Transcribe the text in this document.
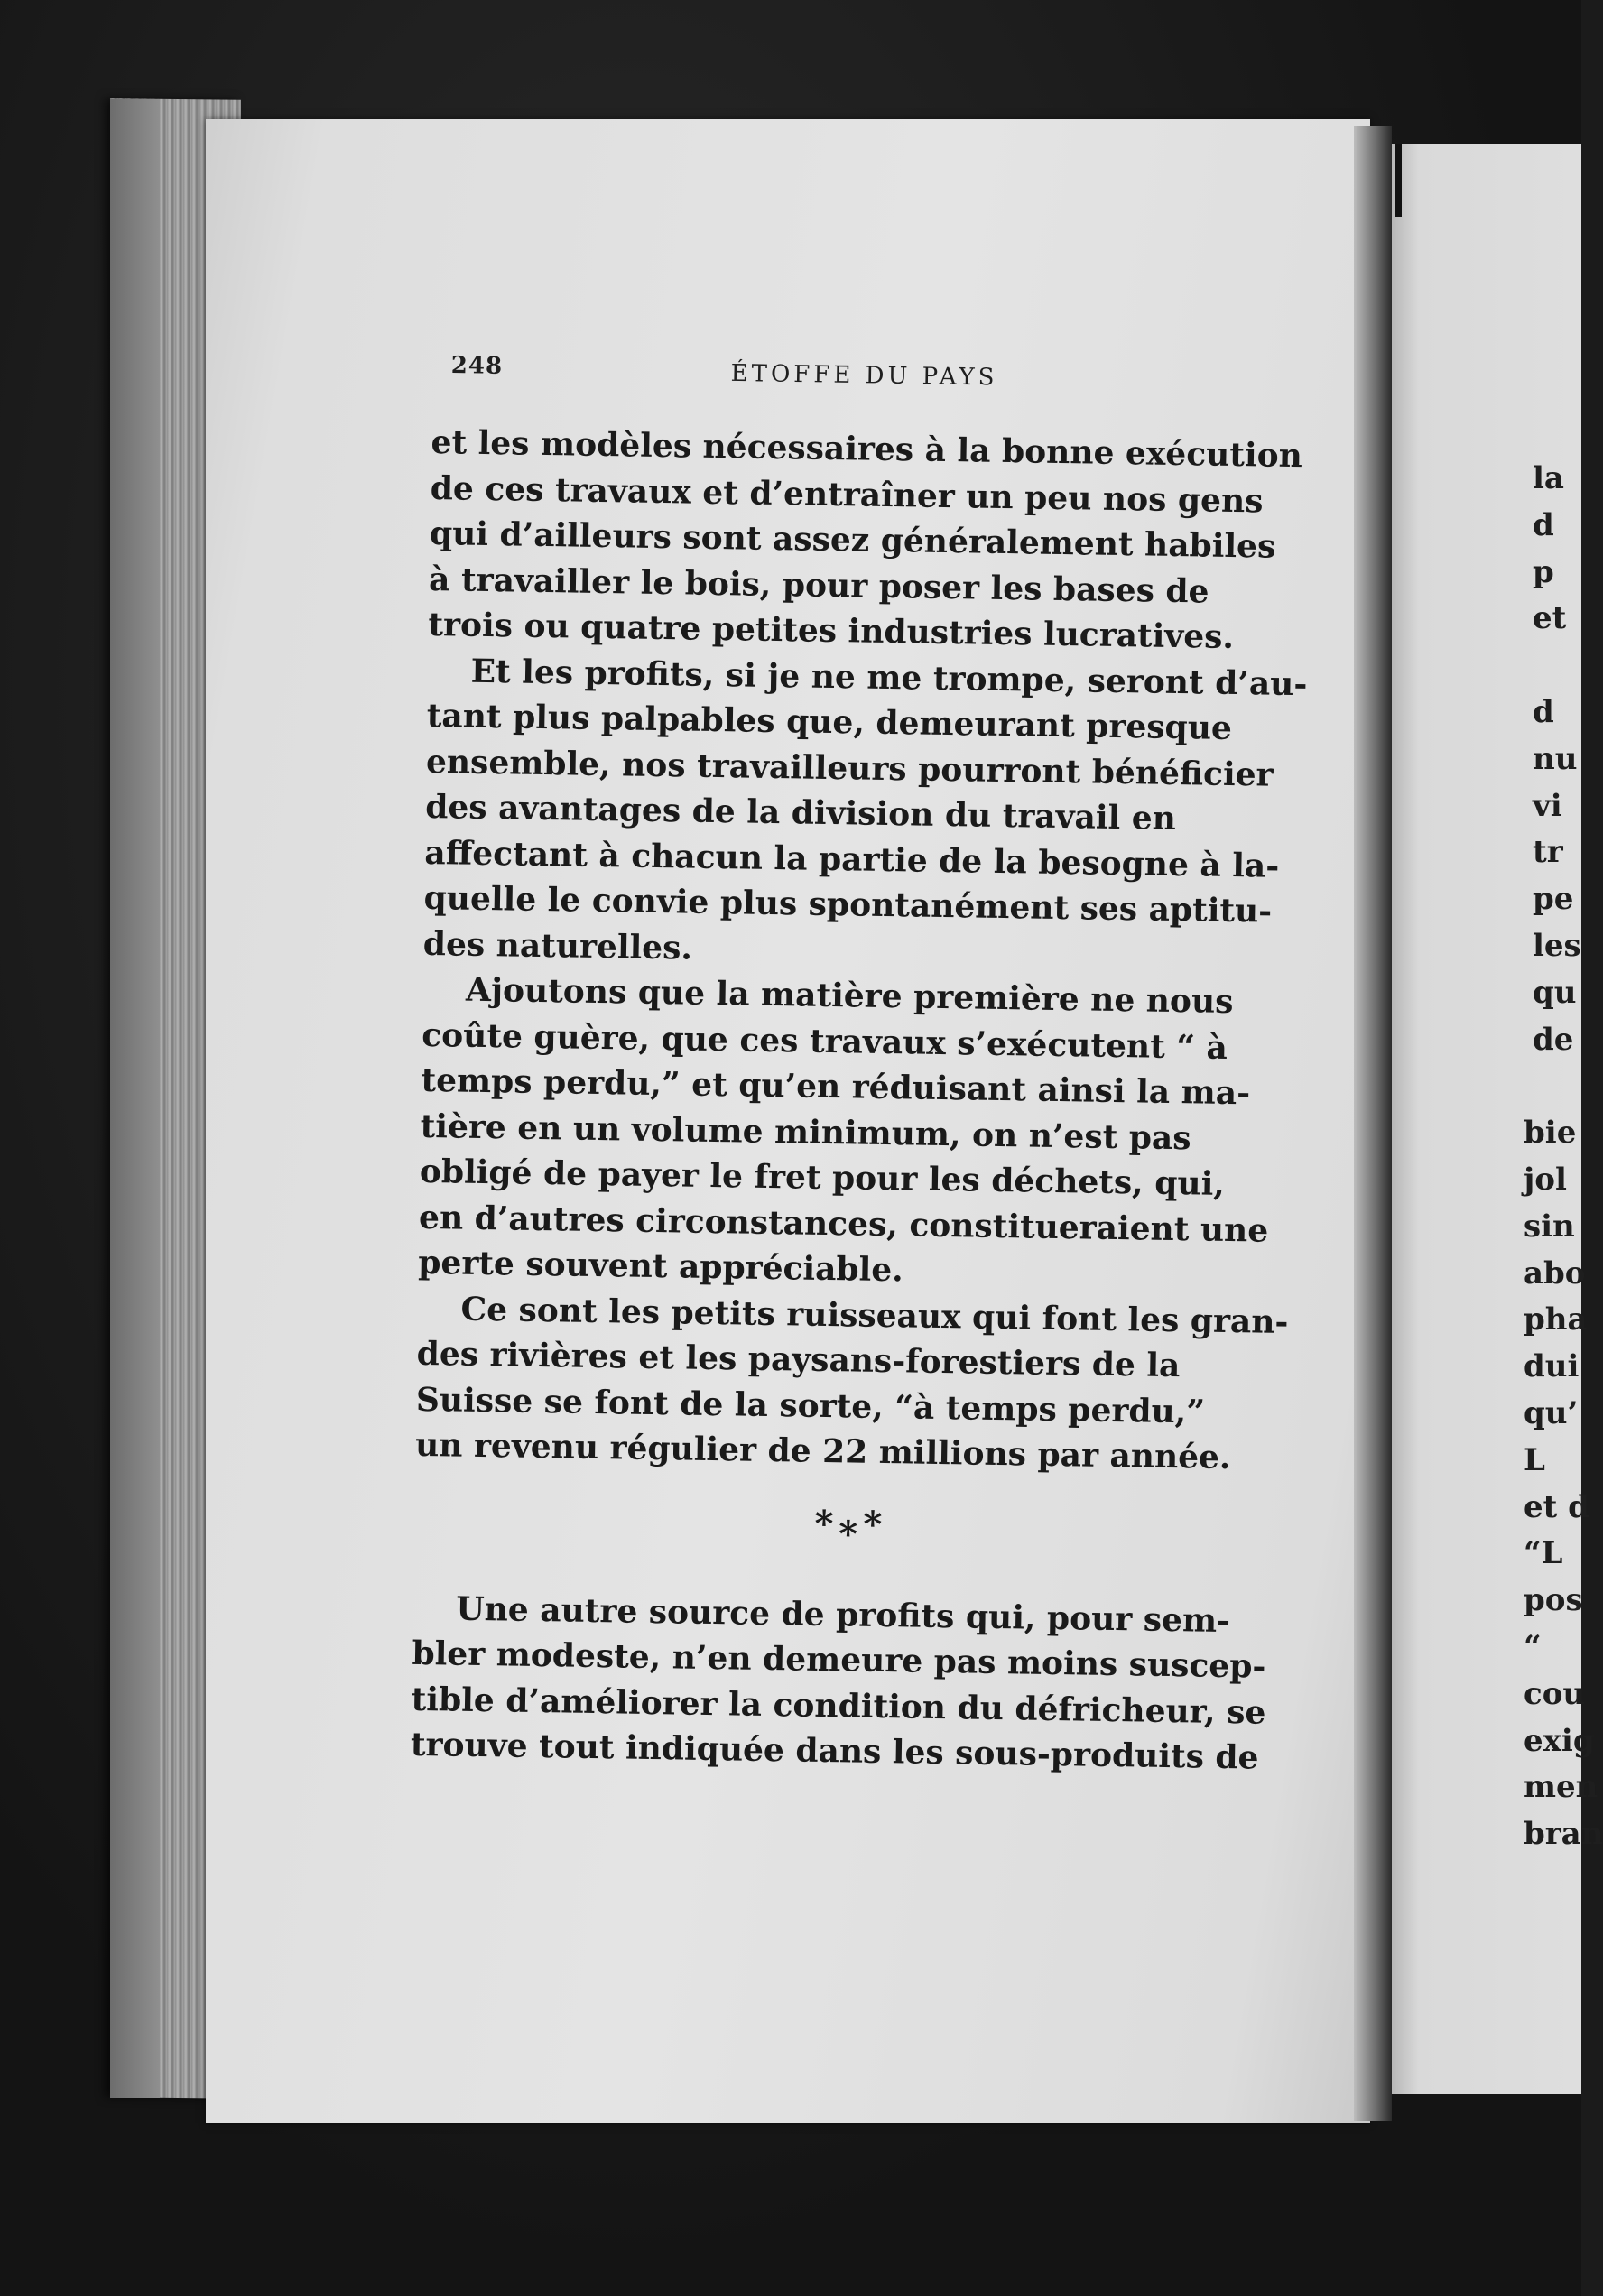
la
d
p
et
d
nu
vi
tr
pe
les
qu
de
bie
jol
sin
abo
pha
dui
qu’
L
et d
“L
pos
“
cou
exig
men
bran
248	ÉTOFFE DU PAYS
et les modèles nécessaires à la bonne exécution
de ces travaux et d’entraîner un peu nos gens
qui d’ailleurs sont assez généralement habiles
à travailler le bois, pour poser les bases de
trois ou quatre petites industries lucratives.
Et les profits, si je ne me trompe, seront d’au-
tant plus palpables que, demeurant presque
ensemble, nos travailleurs pourront bénéficier
des avantages de la division du travail en
affectant à chacun la partie de la besogne à la-
quelle le convie plus spontanément ses aptitu-
des naturelles.
Ajoutons que la matière première ne nous
coûte guère, que ces travaux s’exécutent “ à
temps perdu,” et qu’en réduisant ainsi la ma-
tière en un volume minimum, on n’est pas
obligé de payer le fret pour les déchets, qui,
en d’autres circonstances, constitueraient une
perte souvent appréciable.
Ce sont les petits ruisseaux qui font les gran-
des rivières et les paysans-forestiers de la
Suisse se font de la sorte, “à temps perdu,”
un revenu régulier de 22 millions par année.
*⁎*
Une autre source de profits qui, pour sem-
bler modeste, n’en demeure pas moins suscep-
tible d’améliorer la condition du défricheur, se
trouve tout indiquée dans les sous-produits de
